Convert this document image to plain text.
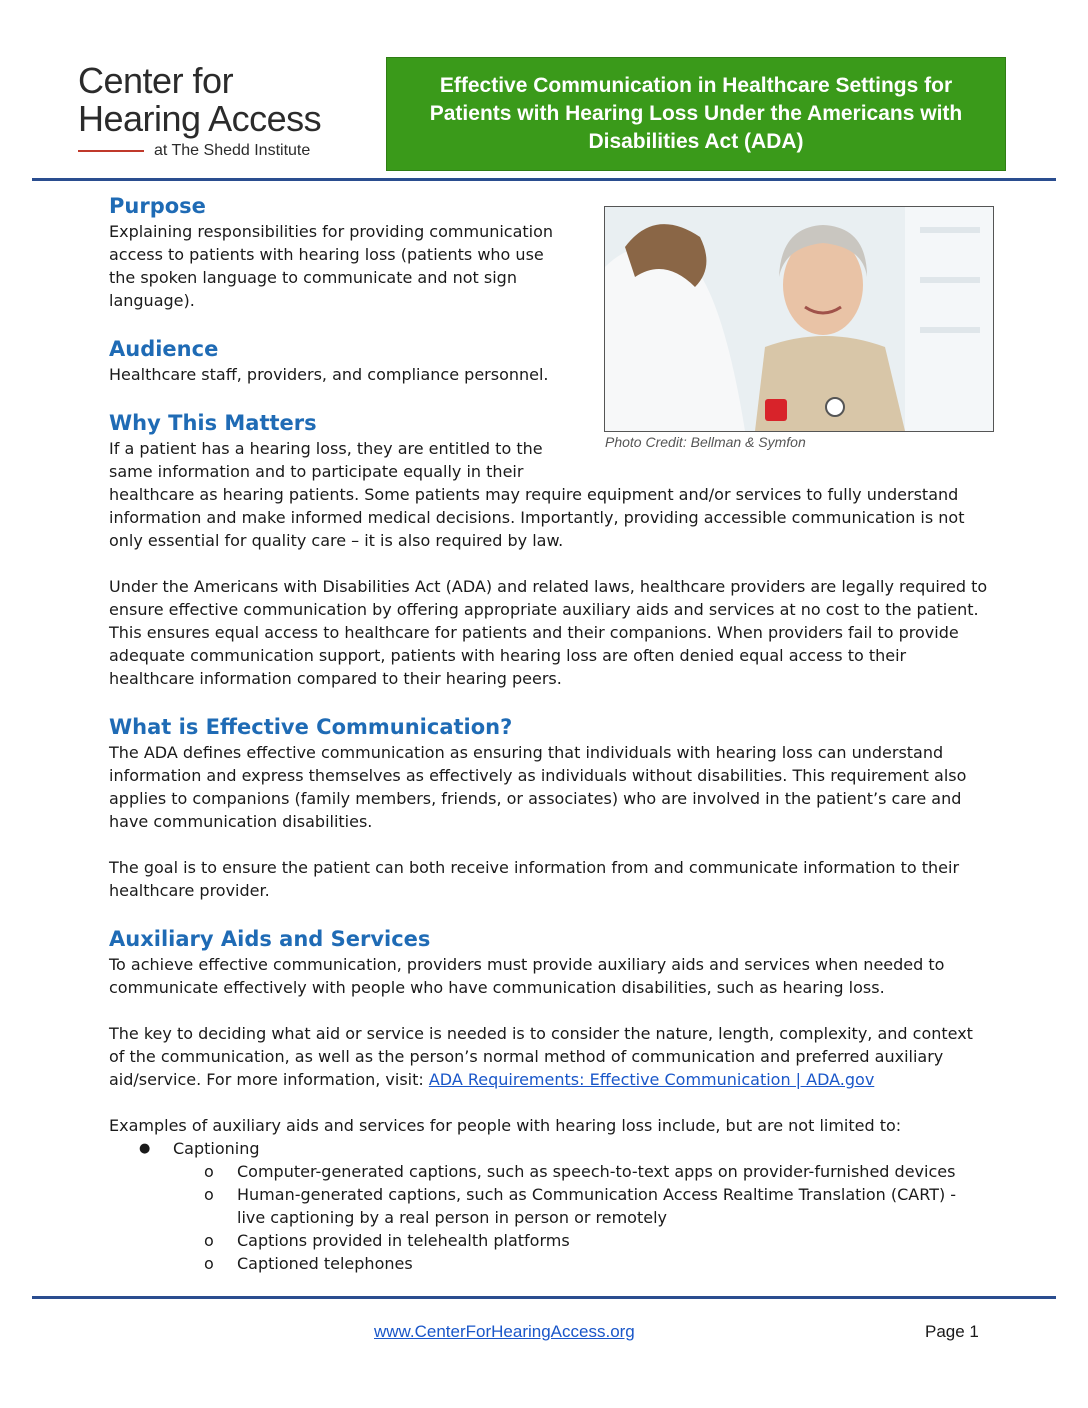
Center for
Hearing Access
at The Shedd Institute
Effective Communication in Healthcare Settings for Patients with Hearing Loss Under the Americans with Disabilities Act (ADA)
Photo Credit: Bellman & Symfon
Purpose

Explaining responsibilities for providing communication access to patients with hearing loss (patients who use the spoken language to communicate and not sign language).

Audience

Healthcare staff, providers, and compliance personnel.

Why This Matters

If a patient has a hearing loss, they are entitled to the same information and to participate equally in their

healthcare as hearing patients. Some patients may require equipment and/or services to fully understand information and make informed medical decisions. Importantly, providing accessible communication is not only essential for quality care – it is also required by law.

Under the Americans with Disabilities Act (ADA) and related laws, healthcare providers are legally required to ensure effective communication by offering appropriate auxiliary aids and services at no cost to the patient. This ensures equal access to healthcare for patients and their companions. When providers fail to provide adequate communication support, patients with hearing loss are often denied equal access to their healthcare information compared to their hearing peers.

What is Effective Communication?

The ADA defines effective communication as ensuring that individuals with hearing loss can understand information and express themselves as effectively as individuals without disabilities. This requirement also applies to companions (family members, friends, or associates) who are involved in the patient’s care and have communication disabilities.

The goal is to ensure the patient can both receive information from and communicate information to their healthcare provider.

Auxiliary Aids and Services

To achieve effective communication, providers must provide auxiliary aids and services when needed to communicate effectively with people who have communication disabilities, such as hearing loss.

The key to deciding what aid or service is needed is to consider the nature, length, complexity, and context of the communication, as well as the person’s normal method of communication and preferred auxiliary aid/service. For more information, visit: ADA Requirements: Effective Communication | ADA.gov

Examples of auxiliary aids and services for people with hearing loss include, but are not limited to:

● Captioning
o Computer-generated captions, such as speech-to-text apps on provider-furnished devices
o Human-generated captions, such as Communication Access Realtime Translation (CART) - live captioning by a real person in person or remotely
o Captions provided in telehealth platforms
o Captioned telephones
www.CenterForHearingAccess.org	Page 1
